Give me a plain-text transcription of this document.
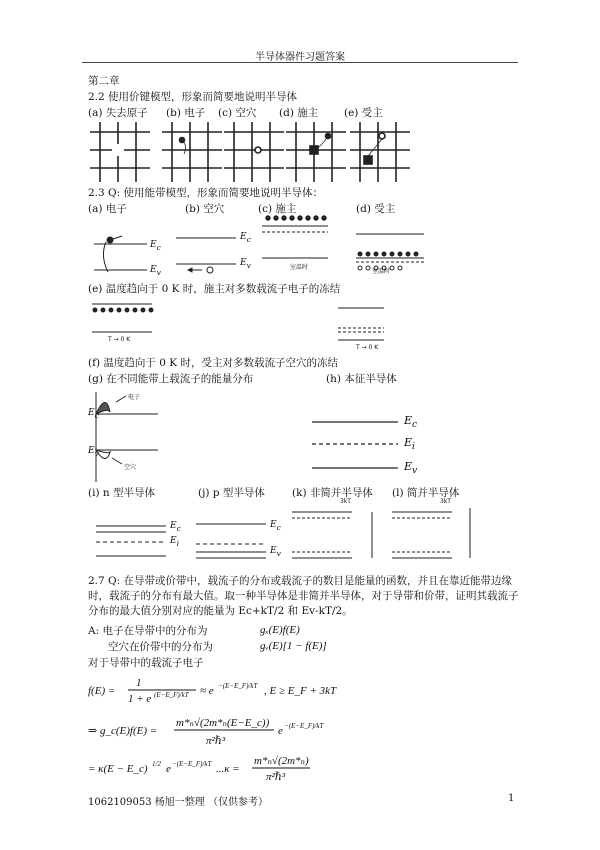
半导体器件习题答案
第二章
2.2 使用价键模型，形象而简要地说明半导体
(a) 失去原子 (b) 电子 (c) 空穴 (d) 施主 (e) 受主
2.3 Q: 使用能带模型，形象而简要地说明半导体：
(a) 电子	(b) 空穴	(c) 施主	(d) 受主
$E_c$
$E_v$
$E_c$
$E_v$	室温时
室温时
(e) 温度趋向于 0 K 时，施主对多数载流子电子的冻结
T → 0 K
T → 0 K
(f) 温度趋向于 0 K 时，受主对多数载流子空穴的冻结
(g) 在不同能带上载流子的能量分布	(h) 本征半导体
电子
空穴
$E_c$
$E_v$
$E_c$
$E_i$
$E_v$
(i) n 型半导体	(j) p 型半导体	(k) 非简并半导体 (l) 简并半导体
$E_c$
$E_i$
$E_c$
$E_v$
3kT	3kT
2.7 Q: 在导带或价带中，载流子的分布或载流子的数目是能量的函数，并且在靠近能带边缘时，载流子的分布有最大值。取一种半导体是非简并半导体，对于导带和价带，证明其载流子分布的最大值分别对应的能量为 Ec+kT/2 和 Ev-kT/2。
A: 电子在导带中的分布为	gₓ(E)f(E)
空穴在价带中的分布为	gᵥ(E)[1 − f(E)]
对于导带中的载流子电子
f(E) =
1
1 + e (E−E_F)/kT ≈ e −(E−E_F)/kT , E ≥ E_F + 3kT
⇒ g_c(E)f(E) =
m*ₙ√(2m*ₙ(E−E_c))
π²ℏ³
e −(E−E_F)/kT
= κ(E − E_c) 1/2 e −(E−E_F)/kT ...κ =
m*ₙ√(2m*ₙ)
π²ℏ³
1062109053 杨旭一整理 （仅供参考）	1
